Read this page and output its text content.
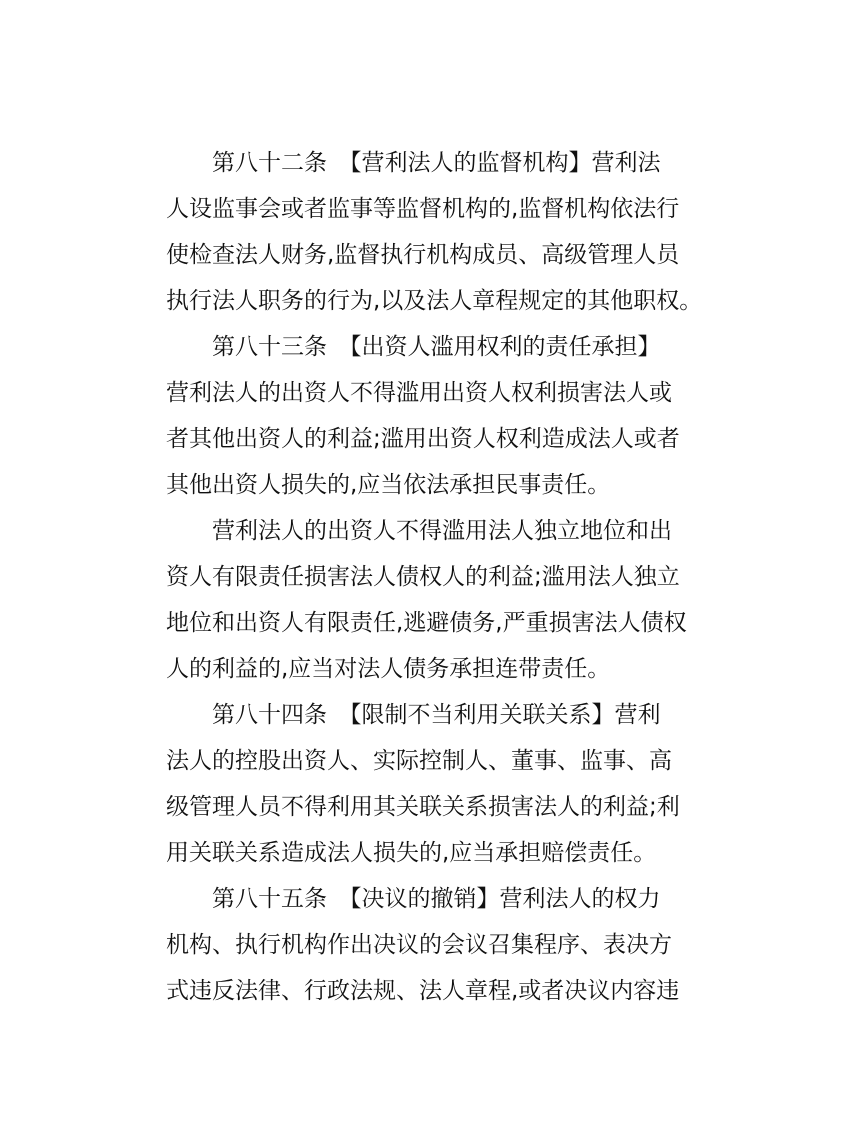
第八十二条　【营利法人的监督机构】营利法
人设监事会或者监事等监督机构的,监督机构依法行
使检查法人财务,监督执行机构成员、高级管理人员
执行法人职务的行为,以及法人章程规定的其他职权。
第八十三条　【出资人滥用权利的责任承担】
营利法人的出资人不得滥用出资人权利损害法人或
者其他出资人的利益;滥用出资人权利造成法人或者
其他出资人损失的,应当依法承担民事责任。
营利法人的出资人不得滥用法人独立地位和出
资人有限责任损害法人债权人的利益;滥用法人独立
地位和出资人有限责任,逃避债务,严重损害法人债权
人的利益的,应当对法人债务承担连带责任。
第八十四条　【限制不当利用关联关系】营利
法人的控股出资人、实际控制人、董事、监事、高
级管理人员不得利用其关联关系损害法人的利益;利
用关联关系造成法人损失的,应当承担赔偿责任。
第八十五条　【决议的撤销】营利法人的权力
机构、执行机构作出决议的会议召集程序、表决方
式违反法律、行政法规、法人章程,或者决议内容违
